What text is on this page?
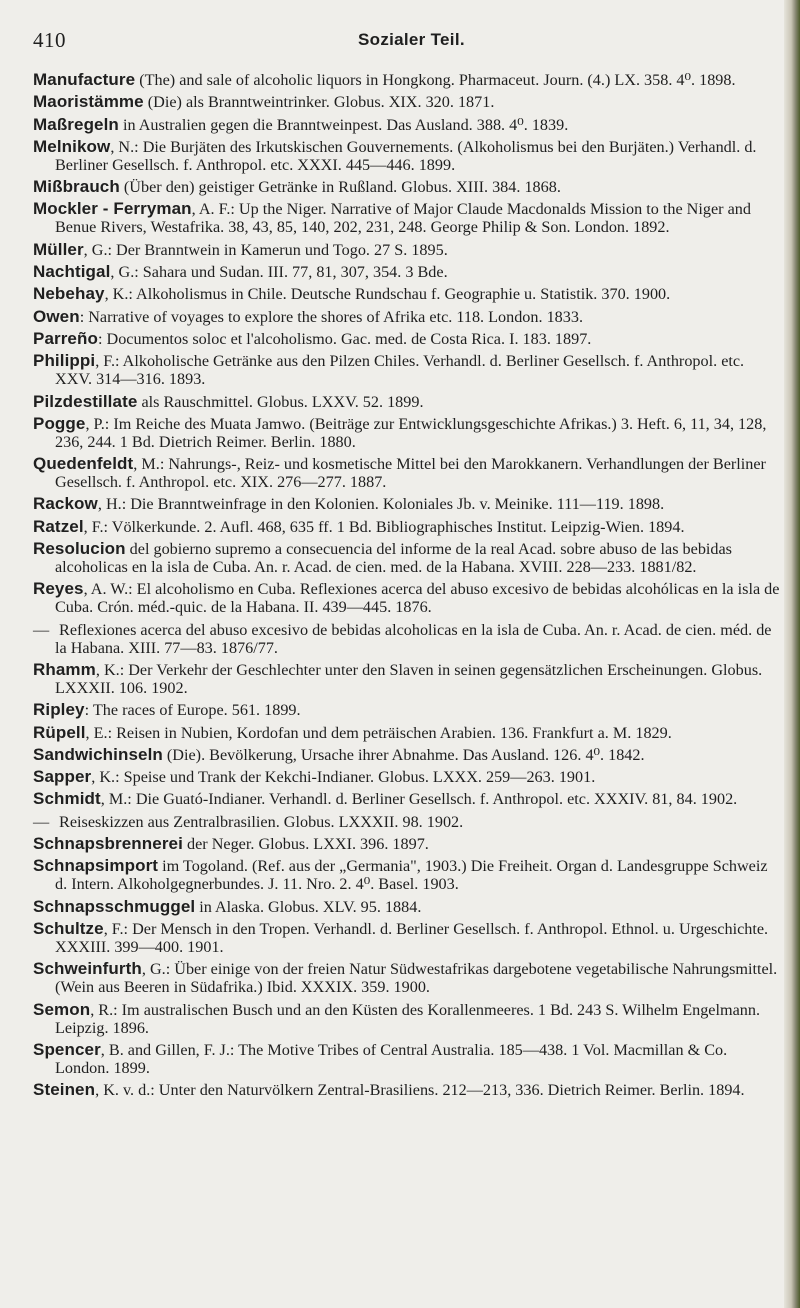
410	Sozialer Teil.
Manufacture (The) and sale of alcoholic liquors in Hongkong. Pharmaceut. Journ. (4.) LX. 358. 4⁰. 1898.
Maoristämme (Die) als Branntweintrinker. Globus. XIX. 320. 1871.
Maßregeln in Australien gegen die Branntweinpest. Das Ausland. 388. 4⁰. 1839.
Melnikow, N.: Die Burjäten des Irkutskischen Gouvernements. (Alkoholismus bei den Burjäten.) Verhandl. d. Berliner Gesellsch. f. Anthropol. etc. XXXI. 445—446. 1899.
Mißbrauch (Über den) geistiger Getränke in Rußland. Globus. XIII. 384. 1868.
Mockler - Ferryman, A. F.: Up the Niger. Narrative of Major Claude Macdonalds Mission to the Niger and Benue Rivers, Westafrika. 38, 43, 85, 140, 202, 231, 248. George Philip & Son. London. 1892.
Müller, G.: Der Branntwein in Kamerun und Togo. 27 S. 1895.
Nachtigal, G.: Sahara und Sudan. III. 77, 81, 307, 354. 3 Bde.
Nebehay, K.: Alkoholismus in Chile. Deutsche Rundschau f. Geographie u. Statistik. 370. 1900.
Owen: Narrative of voyages to explore the shores of Afrika etc. 118. London. 1833.
Parreño: Documentos soloc et l'alcoholismo. Gac. med. de Costa Rica. I. 183. 1897.
Philippi, F.: Alkoholische Getränke aus den Pilzen Chiles. Verhandl. d. Berliner Gesellsch. f. Anthropol. etc. XXV. 314—316. 1893.
Pilzdestillate als Rauschmittel. Globus. LXXV. 52. 1899.
Pogge, P.: Im Reiche des Muata Jamwo. (Beiträge zur Entwicklungsgeschichte Afrikas.) 3. Heft. 6, 11, 34, 128, 236, 244. 1 Bd. Dietrich Reimer. Berlin. 1880.
Quedenfeldt, M.: Nahrungs-, Reiz- und kosmetische Mittel bei den Marokkanern. Verhandlungen der Berliner Gesellsch. f. Anthropol. etc. XIX. 276—277. 1887.
Rackow, H.: Die Branntweinfrage in den Kolonien. Koloniales Jb. v. Meinike. 111—119. 1898.
Ratzel, F.: Völkerkunde. 2. Aufl. 468, 635 ff. 1 Bd. Bibliographisches Institut. Leipzig-Wien. 1894.
Resolucion del gobierno supremo a consecuencia del informe de la real Acad. sobre abuso de las bebidas alcoholicas en la isla de Cuba. An. r. Acad. de cien. med. de la Habana. XVIII. 228—233. 1881/82.
Reyes, A. W.: El alcoholismo en Cuba. Reflexiones acerca del abuso excesivo de bebidas alcohólicas en la isla de Cuba. Crón. méd.-quic. de la Habana. II. 439—445. 1876.
— Reflexiones acerca del abuso excesivo de bebidas alcoholicas en la isla de Cuba. An. r. Acad. de cien. méd. de la Habana. XIII. 77—83. 1876/77.
Rhamm, K.: Der Verkehr der Geschlechter unter den Slaven in seinen gegensätzlichen Erscheinungen. Globus. LXXXII. 106. 1902.
Ripley: The races of Europe. 561. 1899.
Rüpell, E.: Reisen in Nubien, Kordofan und dem peträischen Arabien. 136. Frankfurt a. M. 1829.
Sandwichinseln (Die). Bevölkerung, Ursache ihrer Abnahme. Das Ausland. 126. 4⁰. 1842.
Sapper, K.: Speise und Trank der Kekchi-Indianer. Globus. LXXX. 259—263. 1901.
Schmidt, M.: Die Guató-Indianer. Verhandl. d. Berliner Gesellsch. f. Anthropol. etc. XXXIV. 81, 84. 1902.
— Reiseskizzen aus Zentralbrasilien. Globus. LXXXII. 98. 1902.
Schnapsbrennerei der Neger. Globus. LXXI. 396. 1897.
Schnapsimport im Togoland. (Ref. aus der „Germania", 1903.) Die Freiheit. Organ d. Landesgruppe Schweiz d. Intern. Alkoholgegnerbundes. J. 11. Nro. 2. 4⁰. Basel. 1903.
Schnapsschmuggel in Alaska. Globus. XLV. 95. 1884.
Schultze, F.: Der Mensch in den Tropen. Verhandl. d. Berliner Gesellsch. f. Anthropol. Ethnol. u. Urgeschichte. XXXIII. 399—400. 1901.
Schweinfurth, G.: Über einige von der freien Natur Südwestafrikas dargebotene vegetabilische Nahrungsmittel. (Wein aus Beeren in Südafrika.) Ibid. XXXIX. 359. 1900.
Semon, R.: Im australischen Busch und an den Küsten des Korallenmeeres. 1 Bd. 243 S. Wilhelm Engelmann. Leipzig. 1896.
Spencer, B. and Gillen, F. J.: The Motive Tribes of Central Australia. 185—438. 1 Vol. Macmillan & Co. London. 1899.
Steinen, K. v. d.: Unter den Naturvölkern Zentral-Brasiliens. 212—213, 336. Dietrich Reimer. Berlin. 1894.
